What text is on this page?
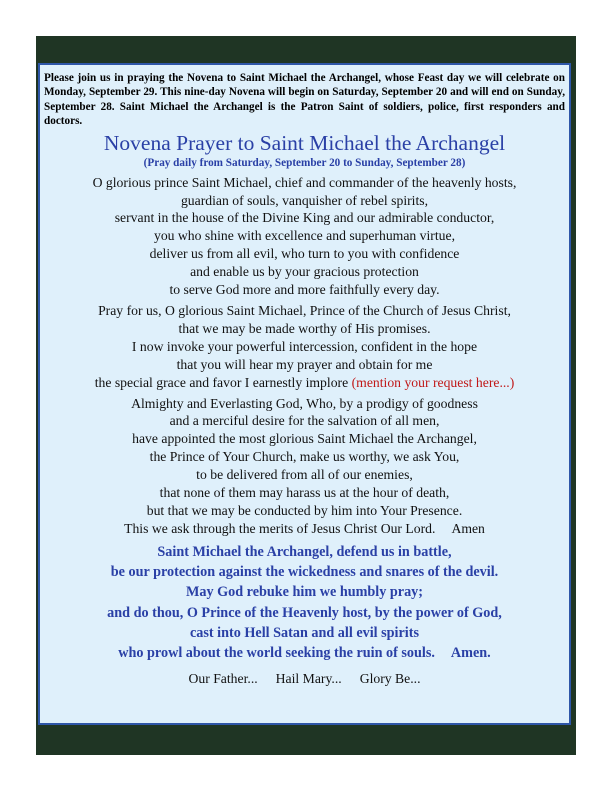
Please join us in praying the Novena to Saint Michael the Archangel, whose Feast day we will celebrate on Monday, September 29. This nine-day Novena will begin on Saturday, September 20 and will end on Sunday, September 28. Saint Michael the Archangel is the Patron Saint of soldiers, police, first responders and doctors.

Novena Prayer to Saint Michael the Archangel
(Pray daily from Saturday, September 20 to Sunday, September 28)
O glorious prince Saint Michael, chief and commander of the heavenly hosts,
guardian of souls, vanquisher of rebel spirits,
servant in the house of the Divine King and our admirable conductor,
you who shine with excellence and superhuman virtue,
deliver us from all evil, who turn to you with confidence
and enable us by your gracious protection
to serve God more and more faithfully every day.
Pray for us, O glorious Saint Michael, Prince of the Church of Jesus Christ,
that we may be made worthy of His promises.
I now invoke your powerful intercession, confident in the hope
that you will hear my prayer and obtain for me
the special grace and favor I earnestly implore (mention your request here...)
Almighty and Everlasting God, Who, by a prodigy of goodness
and a merciful desire for the salvation of all men,
have appointed the most glorious Saint Michael the Archangel,
the Prince of Your Church, make us worthy, we ask You,
to be delivered from all of our enemies,
that none of them may harass us at the hour of death,
but that we may be conducted by him into Your Presence.
This we ask through the merits of Jesus Christ Our Lord. Amen
Saint Michael the Archangel, defend us in battle,
be our protection against the wickedness and snares of the devil.
May God rebuke him we humbly pray;
and do thou, O Prince of the Heavenly host, by the power of God,
cast into Hell Satan and all evil spirits
who prowl about the world seeking the ruin of souls. Amen.
Our Father... Hail Mary... Glory Be...
